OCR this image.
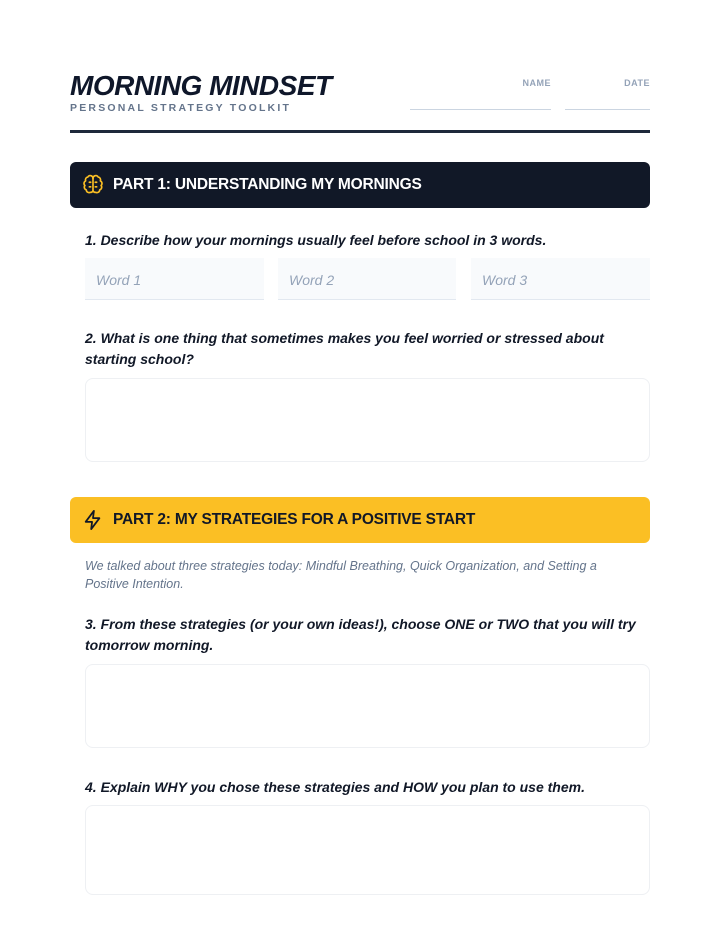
MORNING MINDSET
PERSONAL STRATEGY TOOLKIT
NAME	DATE
PART 1: UNDERSTANDING MY MORNINGS
1. Describe how your mornings usually feel before school in 3 words.
Word 1	Word 2	Word 3
2. What is one thing that sometimes makes you feel worried or stressed about starting school?
PART 2: MY STRATEGIES FOR A POSITIVE START
We talked about three strategies today: Mindful Breathing, Quick Organization, and Setting a Positive Intention.
3. From these strategies (or your own ideas!), choose ONE or TWO that you will try tomorrow morning.
4. Explain WHY you chose these strategies and HOW you plan to use them.
